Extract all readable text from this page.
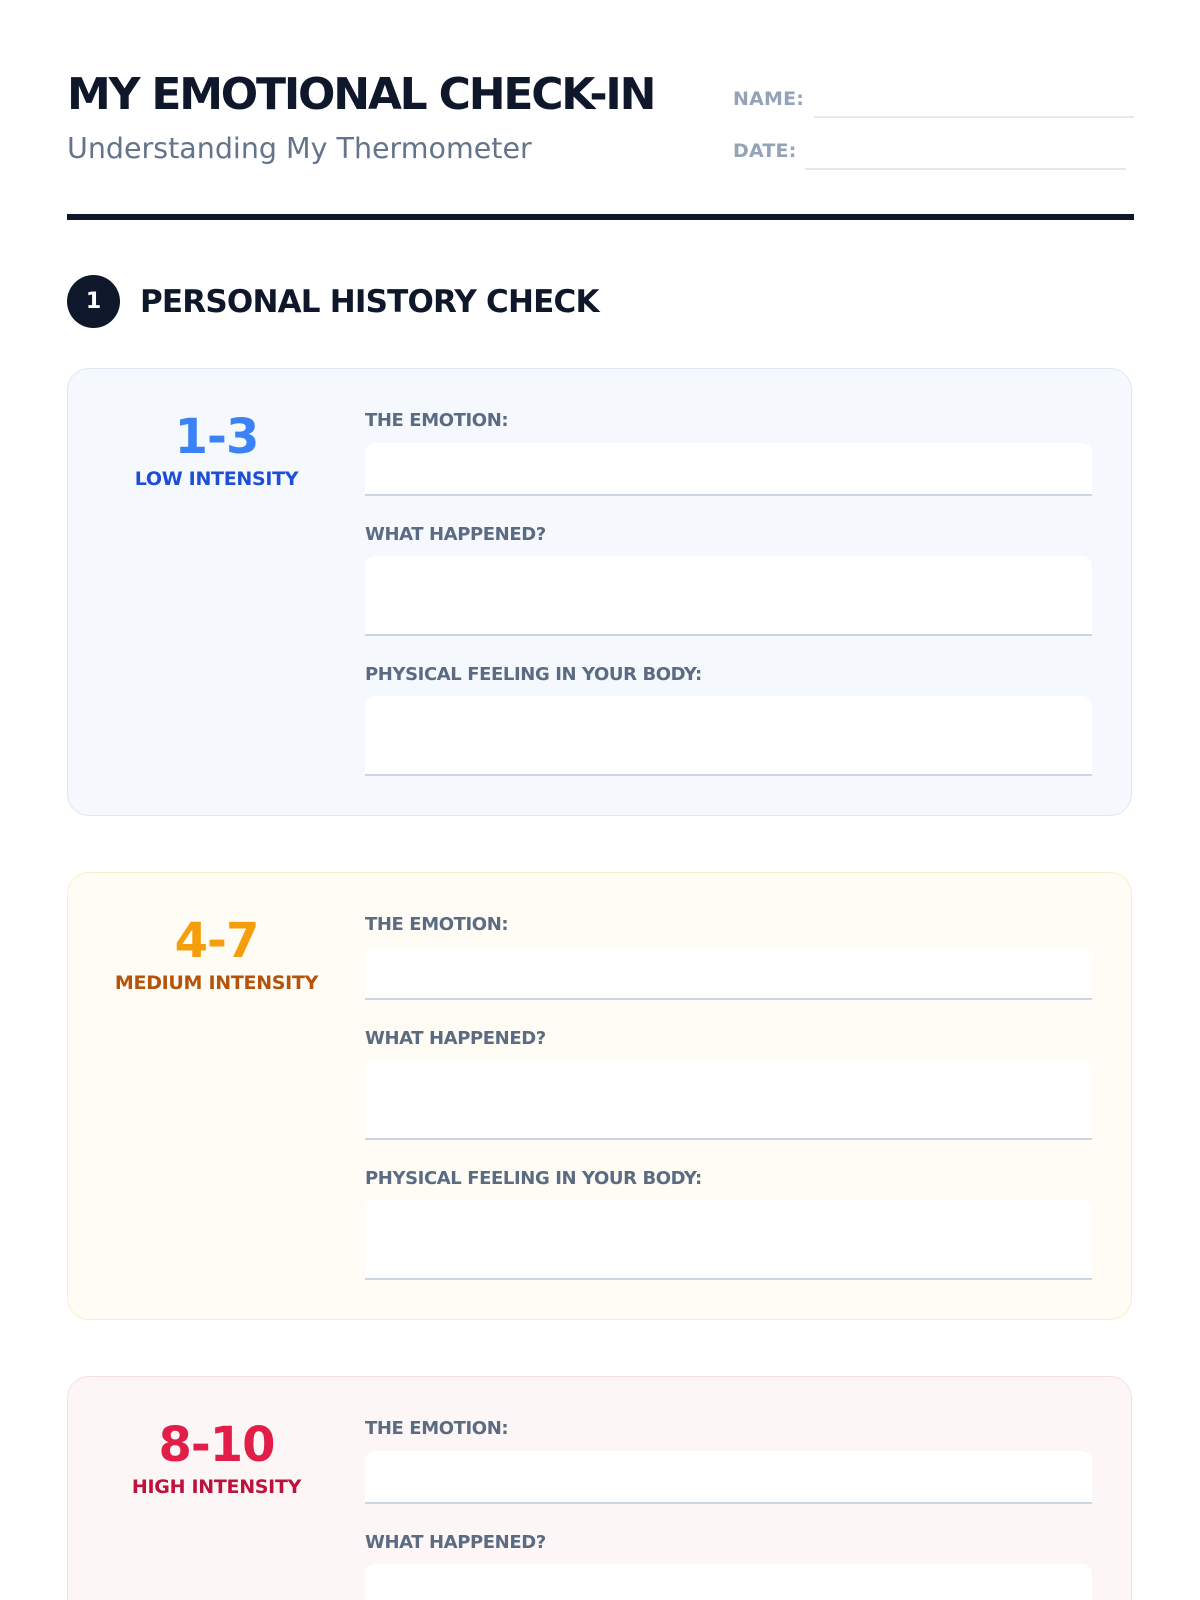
MY EMOTIONAL CHECK-IN
Understanding My Thermometer
NAME:
DATE:
1	PERSONAL HISTORY CHECK
1-3
LOW INTENSITY
THE EMOTION:
WHAT HAPPENED?
PHYSICAL FEELING IN YOUR BODY:
4-7
MEDIUM INTENSITY
THE EMOTION:
WHAT HAPPENED?
PHYSICAL FEELING IN YOUR BODY:
8-10
HIGH INTENSITY
THE EMOTION:
WHAT HAPPENED?
